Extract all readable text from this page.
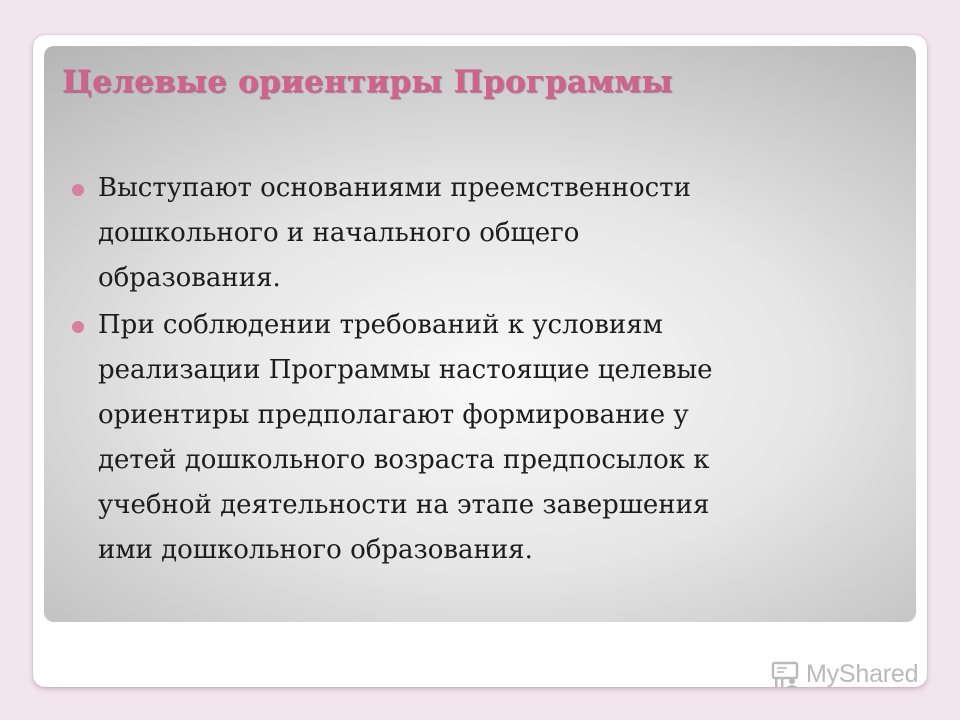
Целевые ориентиры Программы
Выступают основаниями преемственности
дошкольного и начального общего
образования.
При соблюдении требований к условиям
реализации Программы настоящие целевые
ориентиры предполагают формирование у
детей дошкольного возраста предпосылок к
учебной деятельности на этапе завершения
ими дошкольного образования.
MyShared
